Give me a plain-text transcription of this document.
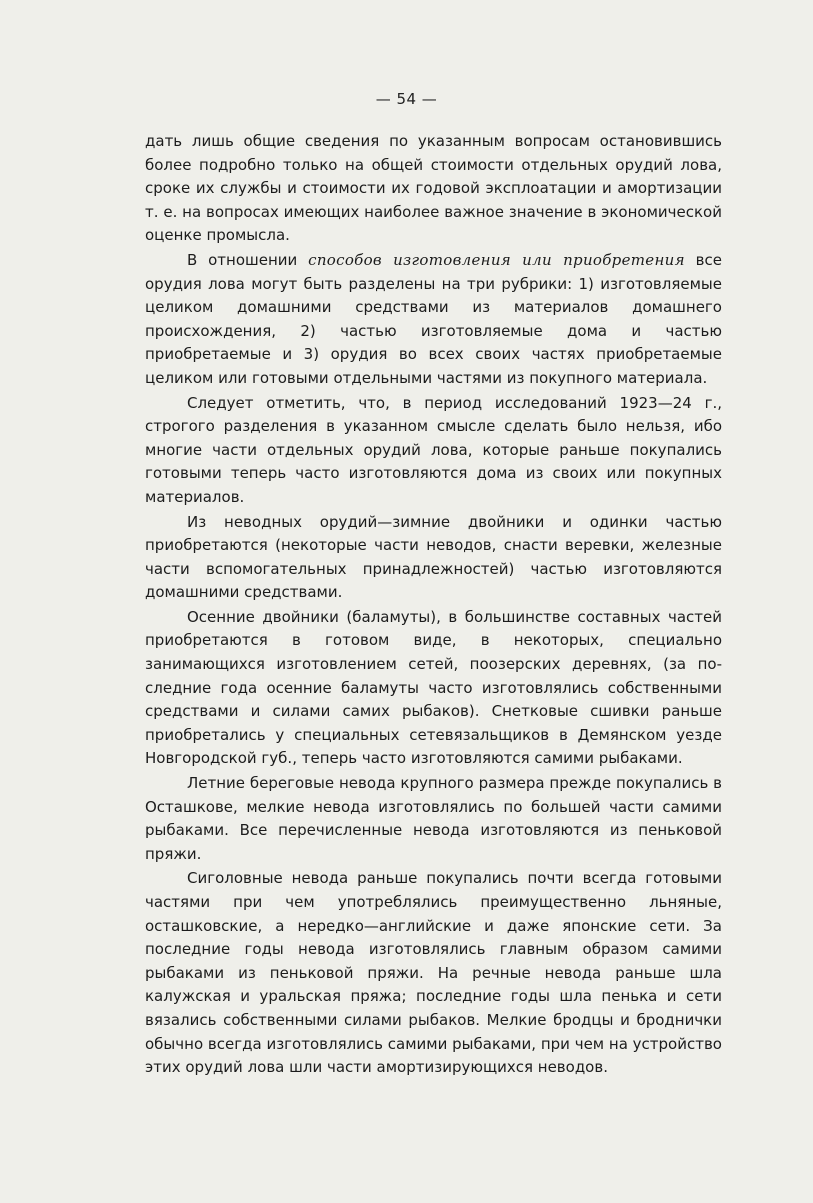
— 54 —

дать лишь общие сведения по указанным вопросам остановившись более подробно только на общей стоимости отдельных орудий лова, сроке их службы и стоимости их годовой эксплоатации и амортизации т. е. на вопросах имеющих наиболее важное значение в экономической оценке промысла.

В отношении способов изготовления или приобретения все орудия лова могут быть разделены на три рубрики: 1) изготовляемые целиком домашними средствами из материалов домашнего происхождения, 2) частью изготовляемые дома и частью приобретаемые и 3) орудия во всех своих частях приобретаемые целиком или готовыми отдельными частями из покупного материала.

Следует отметить, что, в период исследований 1923—24 г., строгого разделения в указанном смысле сделать было нельзя, ибо многие части отдельных орудий лова, которые раньше покупались готовыми теперь часто изготовляются дома из своих или покупных материалов.

Из неводных орудий—зимние двойники и одинки частью приобретаются (некоторые части неводов, снасти веревки, железные части вспомогательных принадлежностей) частью изготовляются домашними средствами.

Осенние двойники (баламуты), в большинстве составных частей приобретаются в готовом виде, в некоторых, специально занимающихся изготовлением сетей, поозерских деревнях, (за последние года осенние баламуты часто изготовлялись собственными средствами и силами самих рыбаков). Снетковые сшивки раньше приобретались у специальных сетевязальщиков в Демянском уезде Новгородской губ., теперь часто изготовляются самими рыбаками.

Летние береговые невода крупного размера прежде покупались в Осташкове, мелкие невода изготовлялись по большей части самими рыбаками. Все перечисленные невода изготовляются из пеньковой пряжи.

Сиголовные невода раньше покупались почти всегда готовыми частями при чем употреблялись преимущественно льняные, осташковские, а нередко—английские и даже японские сети. За последние годы невода изготовлялись главным образом самими рыбаками из пеньковой пряжи. На речные невода раньше шла калужская и уральская пряжа; последние годы шла пенька и сети вязались собственными силами рыбаков. Мелкие бродцы и броднички обычно всегда изготовлялись самими рыбаками, при чем на устройство этих орудий лова шли части амортизирующихся неводов.
